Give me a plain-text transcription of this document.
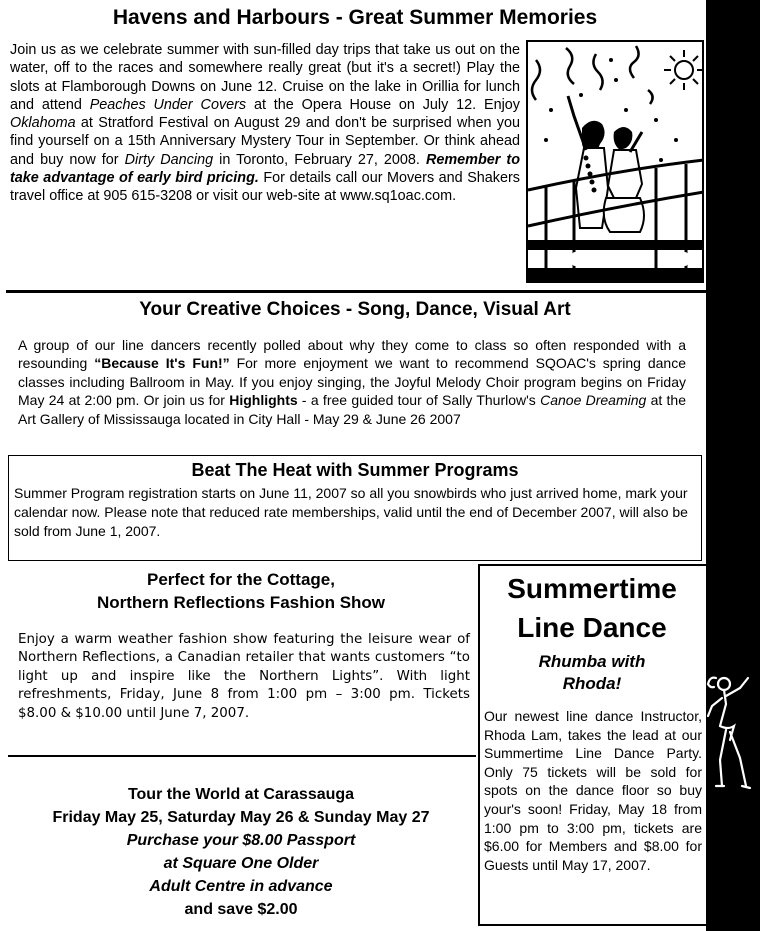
Havens and Harbours - Great Summer Memories
Join us as we celebrate summer with sun-filled day trips that take us out on the water, off to the races and somewhere really great (but it's a secret!) Play the slots at Flamborough Downs on June 12. Cruise on the lake in Orillia for lunch and attend Peaches Under Covers at the Opera House on July 12. Enjoy Oklahoma at Stratford Festival on August 29 and don't be surprised when you find yourself on a 15th Anniversary Mystery Tour in September. Or think ahead and buy now for Dirty Dancing in Toronto, February 27, 2008. Remember to take advantage of early bird pricing. For details call our Movers and Shakers travel office at 905 615-3208 or visit our web-site at www.sq1oac.com.
Your Creative Choices - Song, Dance, Visual Art
A group of our line dancers recently polled about why they come to class so often responded with a resounding “Because It's Fun!” For more enjoyment we want to recommend SQOAC's spring dance classes including Ballroom in May. If you enjoy singing, the Joyful Melody Choir program begins on Friday May 24 at 2:00 pm. Or join us for Highlights - a free guided tour of Sally Thurlow's Canoe Dreaming at the Art Gallery of Mississauga located in City Hall - May 29 & June 26 2007
Beat The Heat with Summer Programs
Summer Program registration starts on June 11, 2007 so all you snowbirds who just arrived home, mark your calendar now. Please note that reduced rate memberships, valid until the end of December 2007, will also be sold from June 1, 2007.
Perfect for the Cottage,
Northern Reflections Fashion Show
Enjoy a warm weather fashion show featuring the leisure wear of Northern Reflections, a Canadian retailer that wants customers “to light up and inspire like the Northern Lights”. With light refreshments, Friday, June 8 from 1:00 pm – 3:00 pm. Tickets $8.00 & $10.00 until June 7, 2007.
Tour the World at Carassauga
Friday May 25, Saturday May 26 & Sunday May 27
Purchase your $8.00 Passport
at Square One Older
Adult Centre in advance
and save $2.00
Summertime
Line Dance
Rhumba with
Rhoda!
Our newest line dance Instructor, Rhoda Lam, takes the lead at our Summertime Line Dance Party. Only 75 tickets will be sold for spots on the dance floor so buy your's soon! Friday, May 18 from 1:00 pm to 3:00 pm, tickets are $6.00 for Members and $8.00 for Guests until May 17, 2007.
